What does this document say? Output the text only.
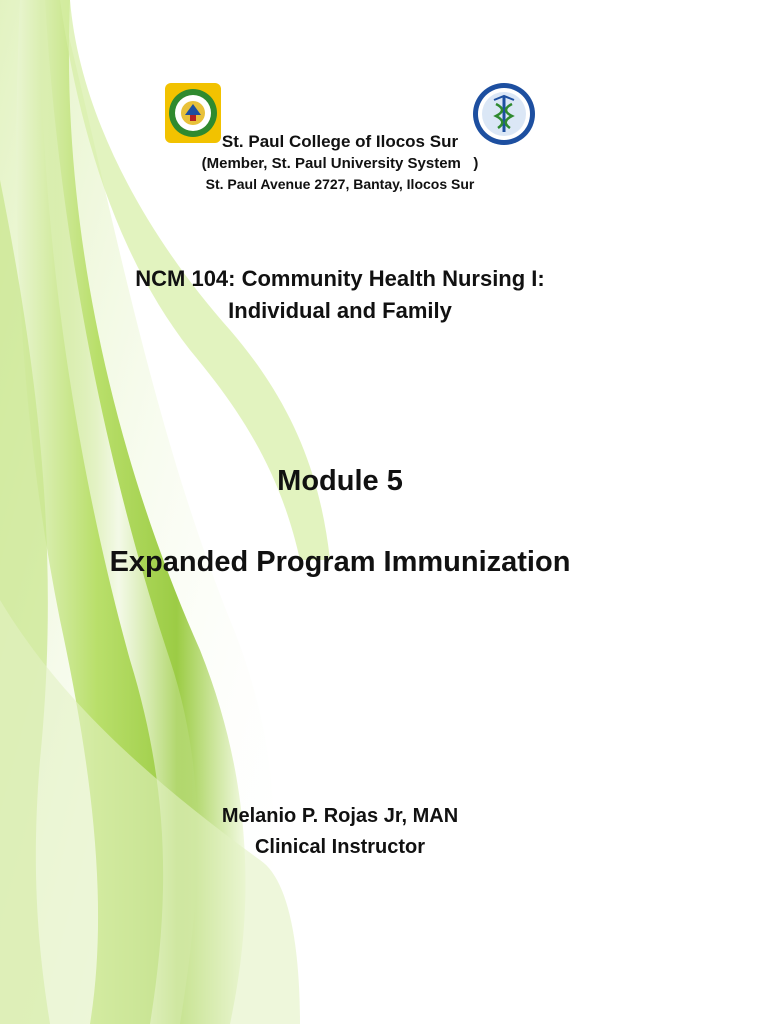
St. Paul College of Ilocos Sur
(Member, St. Paul University System   )
St. Paul Avenue 2727, Bantay, Ilocos Sur
NCM 104: Community Health Nursing I:
Individual and Family
Module 5
Expanded Program Immunization
Melanio P. Rojas Jr, MAN
Clinical Instructor
